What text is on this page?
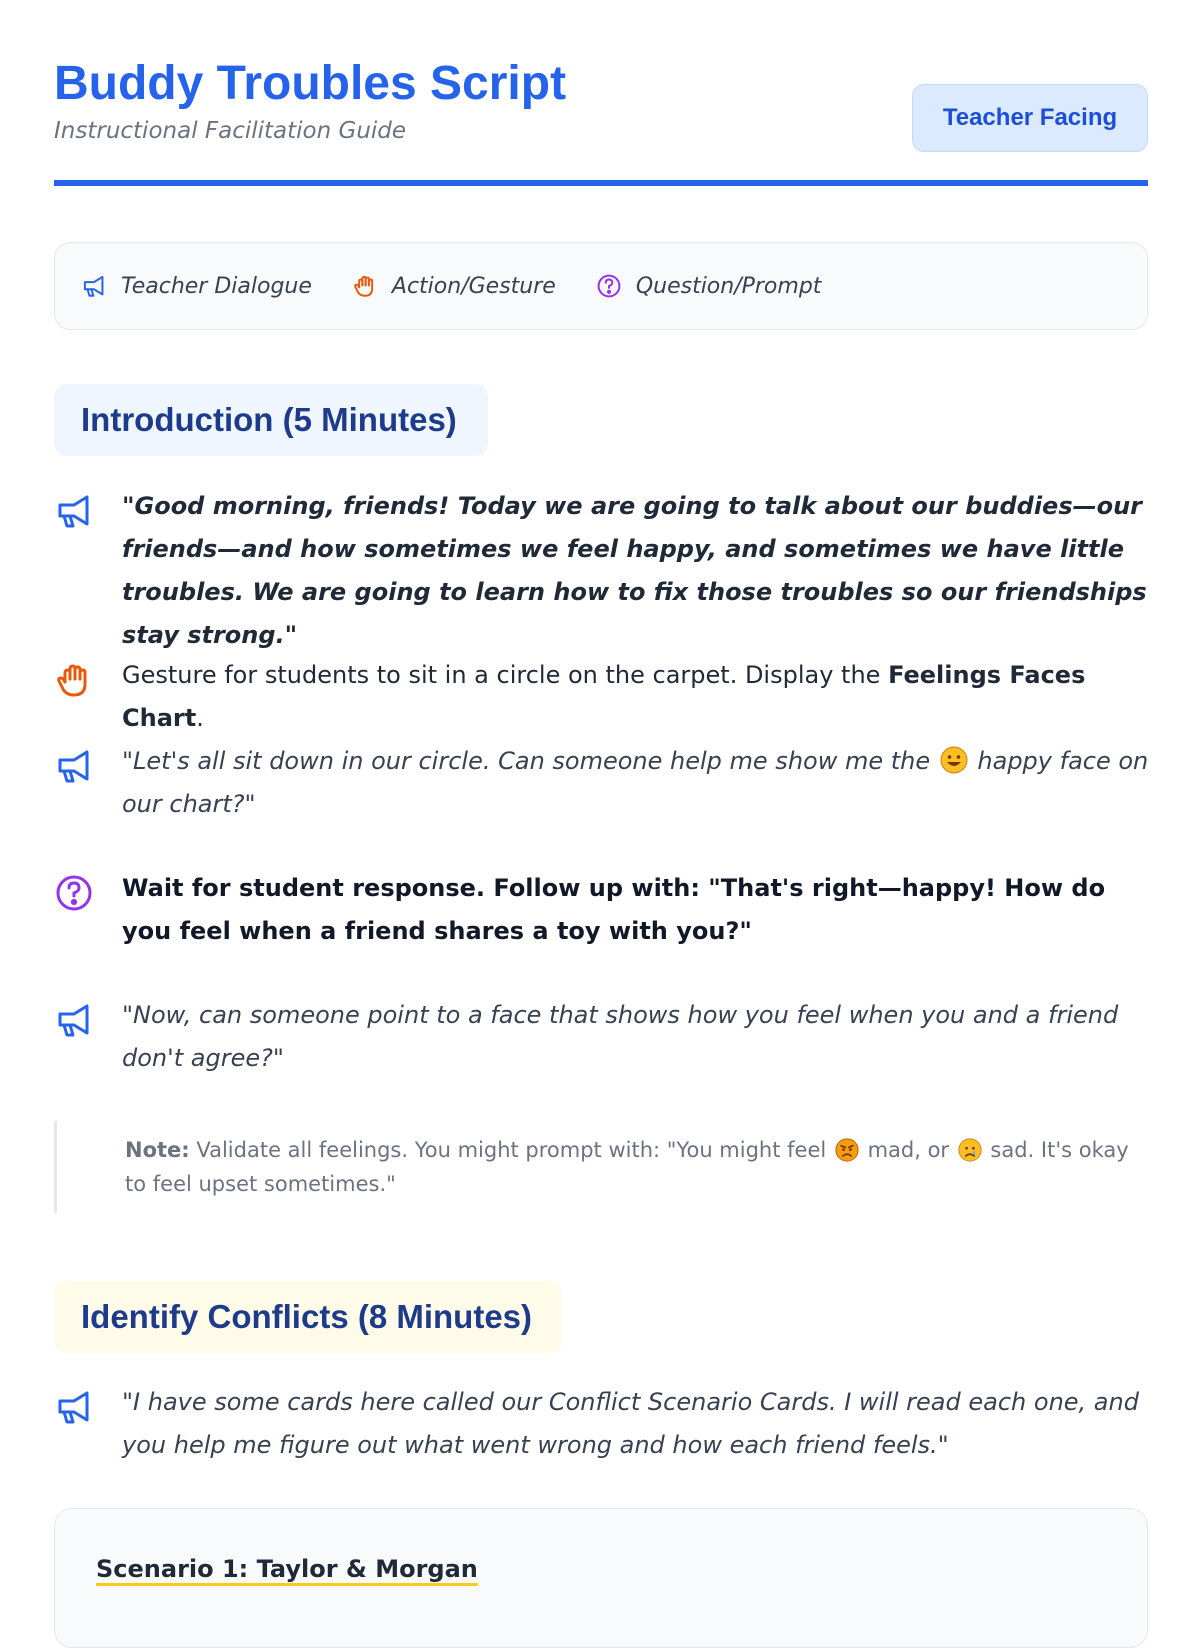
Buddy Troubles Script
Instructional Facilitation Guide	Teacher Facing
Teacher Dialogue	Action/Gesture	Question/Prompt
Introduction (5 Minutes)
"Good morning, friends! Today we are going to talk about our buddies—our friends—and how sometimes we feel happy, and sometimes we have little troubles. We are going to learn how to fix those troubles so our friendships stay strong."
Gesture for students to sit in a circle on the carpet. Display the Feelings Faces Chart.
"Let's all sit down in our circle. Can someone help me show me the  happy face on our chart?"
Wait for student response. Follow up with: "That's right—happy! How do you feel when a friend shares a toy with you?"
"Now, can someone point to a face that shows how you feel when you and a friend don't agree?"
Note: Validate all feelings. You might prompt with: "You might feel  mad, or  sad. It's okay to feel upset sometimes."
Identify Conflicts (8 Minutes)
"I have some cards here called our Conflict Scenario Cards. I will read each one, and you help me figure out what went wrong and how each friend feels."
Scenario 1: Taylor & Morgan
